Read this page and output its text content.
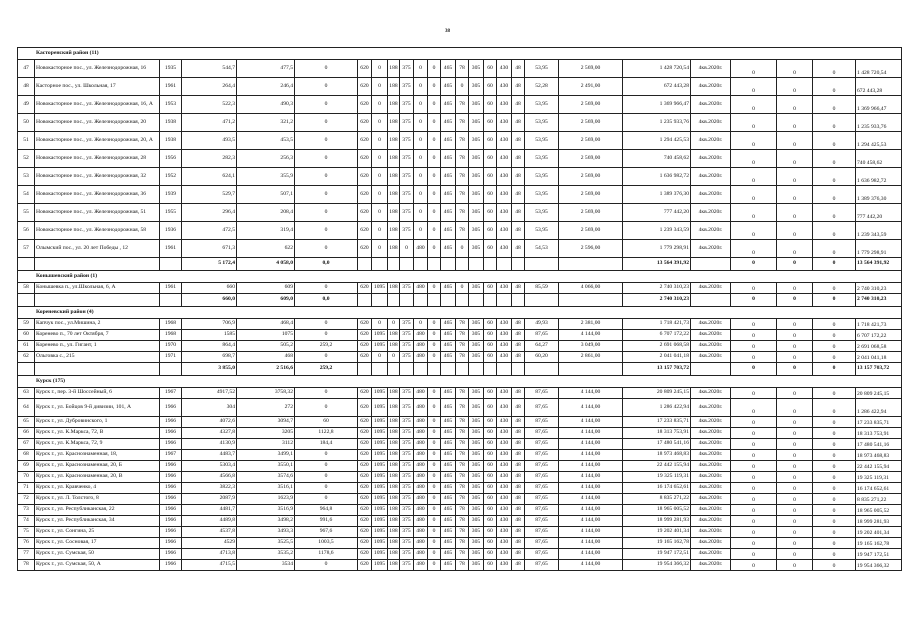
38
Касторенский район (11)																									
47	Новокасторное пос., ул. Железнодорожная, 16	1935	544,7	477,5	0	620	0	188	375	0	0	465	78	305	60	430	48	53,95	2 569,00	1 428 720,54	4кв.2020г.	0	0	0	1 428 720,54
48	Касторное пос., ул. Школьная, 17	1961	264,4	246,4	0	620	0	188	375	0	0	465	0	305	60	430	48	52,28	2 491,00	672 443,28	4кв.2020г.	0	0	0	672 443,28
49	Новокасторное пос., ул. Железнодорожная, 16, А	1953	522,3	490,3	0	620	0	188	375	0	0	465	78	305	60	430	48	53,95	2 569,00	1 369 966,47	4кв.2020г.	0	0	0	1 369 966,47
50	Новокасторное пос., ул. Железнодорожная, 20	1938	471,2	321,2	0	620	0	188	375	0	0	465	78	305	60	430	48	53,95	2 569,00	1 235 933,76	4кв.2020г.	0	0	0	1 235 933,76
51	Новокасторное пос., ул. Железнодорожная, 20, А	1938	493,5	453,5	0	620	0	188	375	0	0	465	78	305	60	430	48	53,95	2 569,00	1 294 425,53	4кв.2020г.	0	0	0	1 294 425,53
52	Новокасторное пос., ул. Железнодорожная, 28	1956	282,3	256,3	0	620	0	188	375	0	0	465	78	305	60	430	48	53,95	2 569,00	740 458,62	4кв.2020г.	0	0	0	740 458,62
53	Новокасторное пос., ул. Железнодорожная, 32	1952	624,1	355,9	0	620	0	188	375	0	0	465	78	305	60	430	48	53,95	2 569,00	1 636 982,72	4кв.2020г.	0	0	0	1 636 982,72
54	Новокасторное пос., ул. Железнодорожная, 36	1939	529,7	507,1	0	620	0	188	375	0	0	465	78	305	60	430	48	53,95	2 569,00	1 389 376,30	4кв.2020г.	0	0	0	1 389 376,30
55	Новокасторное пос., ул. Железнодорожная, 51	1955	296,4	208,4	0	620	0	188	375	0	0	465	78	305	60	430	48	53,95	2 569,00	777 442,20	4кв.2020г.	0	0	0	777 442,20
56	Новокасторное пос., ул. Железнодорожная, 58	1936	472,5	319,4	0	620	0	188	375	0	0	465	78	305	60	430	48	53,95	2 569,00	1 239 343,59	4кв.2020г.	0	0	0	1 239 343,59
57	Олымский пос., ул. 20 лет Победы , 12	1961	671,3	622	0	620	0	188	0	480	0	465	0	305	60	430	48	54,53	2 596,00	1 779 298,91	4кв.2020г.	0	0	0	1 779 298,91
			5 172,4	4 058,0	0,0															13 564 391,92		0	0	0	13 564 391,92
Конышевский район (1)																									
58	Конышевка п., ул.Школьная, 6, А	1961	660	609	0	620	1095	188	375	480	0	465	0	305	60	430	48	85,59	4 066,00	2 740 310,23	4кв.2020г.	0	0	0	2 740 310,23
			660,0	609,0	0,0															2 740 310,23		0	0	0	2 740 310,23
Кореневский район (4)																									
59	Капчук пос., ул.Мишина, 2	1968	706,9	468,4	0	620	0	0	375	0	0	465	78	305	60	430	48	49,93	2 381,00	1 718 421,73	4кв.2020г.	0	0	0	1 718 421,73
60	Коренево п., 70 лет Октября, 7	1968	1585	1075	0	620	1095	188	375	480	0	465	78	305	60	430	48	87,65	4 144,00	6 707 172,22	4кв.2020г.	0	0	0	6 707 172,22
61	Коренево п., ул. Гигант, 1	1970	864,4	505,2	259,2	620	1095	188	375	480	0	465	78	305	60	430	48	64,27	3 049,00	2 691 068,58	4кв.2020г.	0	0	0	2 691 068,58
62	Ольговка с., 215	1971	698,7	468	0	620	0	0	375	480	0	465	78	305	60	430	48	60,20	2 861,00	2 041 041,18	4кв.2020г.	0	0	0	2 041 041,18
			3 855,0	2 516,6	259,2															13 157 703,72		0	0	0	13 157 703,72
Курск (175)																									
63	Курск г., пер. 3-й Шоссейный, 6	1967	4917,52	3758,32	0	620	1095	188	375	480	0	465	78	305	60	430	48	87,65	4 144,00	20 809 245,15	4кв.2020г.	0	0	0	20 809 245,15
64	Курск г., ул. Бойцов 9-й дивизии, 101, А	1966	304	272	0	620	1095	188	375	480	0	465	78	305	60	430	48	87,65	4 144,00	1 286 422,94	4кв.2020г.	0	0	0	1 286 422,94
65	Курск г., ул. Дубровинского, 1	1966	4072,6	3094,7	60	620	1095	188	375	480	0	465	78	305	60	430	48	87,65	4 144,00	17 233 835,71	4кв.2020г.	0	0	0	17 233 835,71
66	Курск г., ул. К.Маркса, 72, В	1966	4327,8	3205	1122,8	620	1095	188	375	480	0	465	78	305	60	430	48	87,65	4 144,00	18 313 753,91	4кв.2020г.	0	0	0	18 313 753,91
67	Курск г., ул. К.Маркса, 72, 9	1966	4130,9	3112	184,4	620	1095	188	375	480	0	465	78	305	60	430	48	87,65	4 144,00	17 480 541,16	4кв.2020г.	0	0	0	17 480 541,16
68	Курск г., ул. Краснознаменная, 18,	1967	4483,7	3499,1	0	620	1095	188	375	480	0	465	78	305	60	430	48	87,65	4 144,00	18 973 468,83	4кв.2020г.	0	0	0	18 973 468,83
69	Курск г., ул. Краснознаменная, 20, Б	1966	5303,4	3550,1	0	620	1095	188	375	480	0	465	78	305	60	430	48	87,65	4 144,00	22 442 155,94	4кв.2020г.	0	0	0	22 442 155,94
70	Курск г., ул. Краснознаменная, 20, В	1966	4566,8	3574,6	0	620	1095	188	375	480	0	465	78	305	60	430	48	87,65	4 144,00	19 325 119,31	4кв.2020г.	0	0	0	19 325 119,31
71	Курск г., ул. Кравченко, 4	1966	3822,3	3516,1	0	620	1095	188	375	480	0	465	78	305	60	430	48	87,65	4 144,00	16 174 652,61	4кв.2020г.	0	0	0	16 174 652,61
72	Курск г., ул. Л. Толстого, 8	1966	2087,9	1623,9	0	620	1095	188	375	480	0	465	78	305	60	430	48	87,65	4 144,00	8 835 271,22	4кв.2020г.	0	0	0	8 835 271,22
73	Курск г., ул. Республиканская, 22	1966	4481,7	3516,9	964,8	620	1095	188	375	480	0	465	78	305	60	430	48	87,65	4 144,00	18 965 005,52	4кв.2020г.	0	0	0	18 965 005,52
74	Курск г., ул. Республиканская, 34	1966	4489,8	3498,2	991,6	620	1095	188	375	480	0	465	78	305	60	430	48	87,65	4 144,00	18 999 281,93	4кв.2020г.	0	0	0	18 999 281,93
75	Курск г., ул. Сонгина, 25	1966	4537,8	3493,3	967,6	620	1095	188	375	480	0	465	78	305	60	430	48	87,65	4 144,00	19 202 401,34	4кв.2020г.	0	0	0	19 202 401,34
76	Курск г., ул. Сосновая, 17	1966	4529	3525,5	1003,5	620	1095	188	375	480	0	465	78	305	60	430	48	87,65	4 144,00	19 165 162,78	4кв.2020г.	0	0	0	19 165 162,78
77	Курск г., ул. Сумская, 50	1966	4713,8	3535,2	1178,6	620	1095	188	375	480	0	465	78	305	60	430	48	87,65	4 144,00	19 947 172,51	4кв.2020г.	0	0	0	19 947 172,51
78	Курск г., ул. Сумская, 50, А	1966	4715,5	3534	0	620	1095	188	375	480	0	465	78	305	60	430	48	87,65	4 144,00	19 954 366,32	4кв.2020г.	0	0	0	19 954 366,32
